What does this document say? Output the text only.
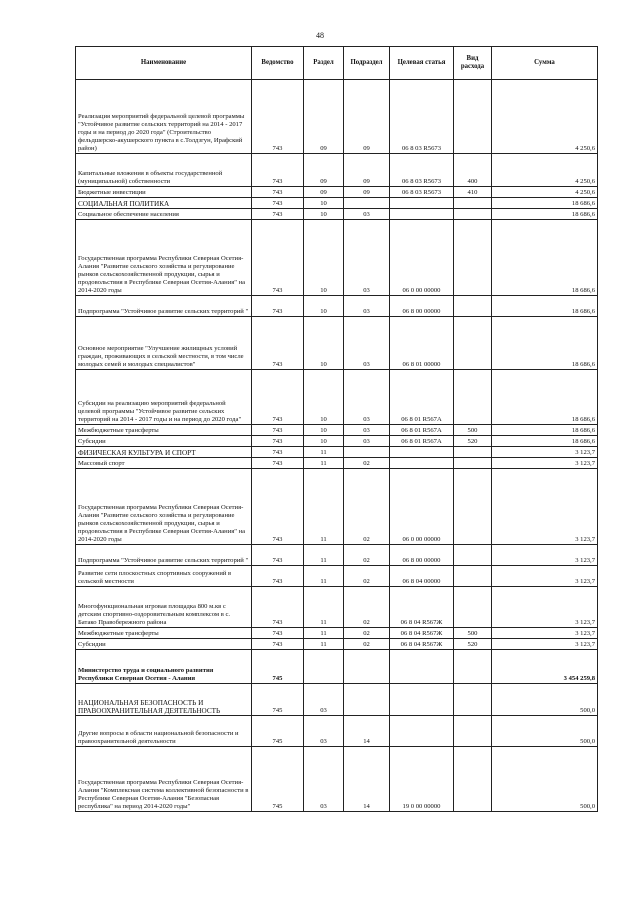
48
Наименование	Ведомство	Раздел	Подраздел	Целевая статья	Вид расхода	Сумма
Реализация мероприятий федеральной целевой программы "Устойчивое развитие сельских территорий на 2014 - 2017 годы и на период до 2020 года" (Строительство фельдшерско-акушерского пункта в с.Толдзгун, Ирафский район)	743	09	09	06 8 03 R5673		4 250,6
Капитальные вложения в объекты государственной (муниципальной) собственности	743	09	09	06 8 03 R5673	400	4 250,6
Бюджетные инвестиции	743	09	09	06 8 03 R5673	410	4 250,6
СОЦИАЛЬНАЯ ПОЛИТИКА	743	10				18 686,6
Социальное обеспечение населения	743	10	03			18 686,6
Государственная программа Республики Северная Осетия-Алания "Развитие сельского хозяйства и регулирование рынков сельскохозяйственной продукции, сырья и продовольствия в Республике Северная Осетия-Алания" на 2014-2020 годы	743	10	03	06 0 00 00000		18 686,6
Подпрограмма "Устойчивое развитие сельских территорий "	743	10	03	06 8 00 00000		18 686,6
Основное мероприятие "Улучшение жилищных условий граждан, проживающих в сельской местности, в том числе молодых семей и молодых специалистов"	743	10	03	06 8 01 00000		18 686,6
Субсидии на реализацию мероприятий федеральной целевой программы "Устойчивое развитие сельских территорий на 2014 - 2017 годы и на период до 2020 года"	743	10	03	06 8 01 R567A		18 686,6
Межбюджетные трансферты	743	10	03	06 8 01 R567A	500	18 686,6
Субсидии	743	10	03	06 8 01 R567A	520	18 686,6
ФИЗИЧЕСКАЯ КУЛЬТУРА И СПОРТ	743	11				3 123,7
Массовый спорт	743	11	02			3 123,7
Государственная программа Республики Северная Осетия-Алания "Развитие сельского хозяйства и регулирование рынков сельскохозяйственной продукции, сырья и продовольствия в Республике Северная Осетия-Алания" на 2014-2020 годы	743	11	02	06 0 00 00000		3 123,7
Подпрограмма "Устойчивое развитие сельских территорий "	743	11	02	06 8 00 00000		3 123,7
Развитие сети плоскостных спортивных сооружений в сельской местности	743	11	02	06 8 04 00000		3 123,7
Многофункциональная игровая площадка 800 м.кв с детским спортивно-оздоровительным комплексом в с. Батако Правобережного района	743	11	02	06 8 04 R567Ж		3 123,7
Межбюджетные трансферты	743	11	02	06 8 04 R567Ж	500	3 123,7
Субсидии	743	11	02	06 8 04 R567Ж	520	3 123,7
Министерство труда и социального развития Республики Северная Осетия - Алания	745					3 454 259,8
НАЦИОНАЛЬНАЯ БЕЗОПАСНОСТЬ И ПРАВООХРАНИТЕЛЬНАЯ ДЕЯТЕЛЬНОСТЬ	745	03				500,0
Другие вопросы в области национальной безопасности и правоохранительной деятельности	745	03	14			500,0
Государственная программа Республики Северная Осетия-Алания "Комплексная система коллективной безопасности в Республике Северная Осетия-Алания "Безопасная республика" на период 2014-2020 годы"	745	03	14	19 0 00 00000		500,0
